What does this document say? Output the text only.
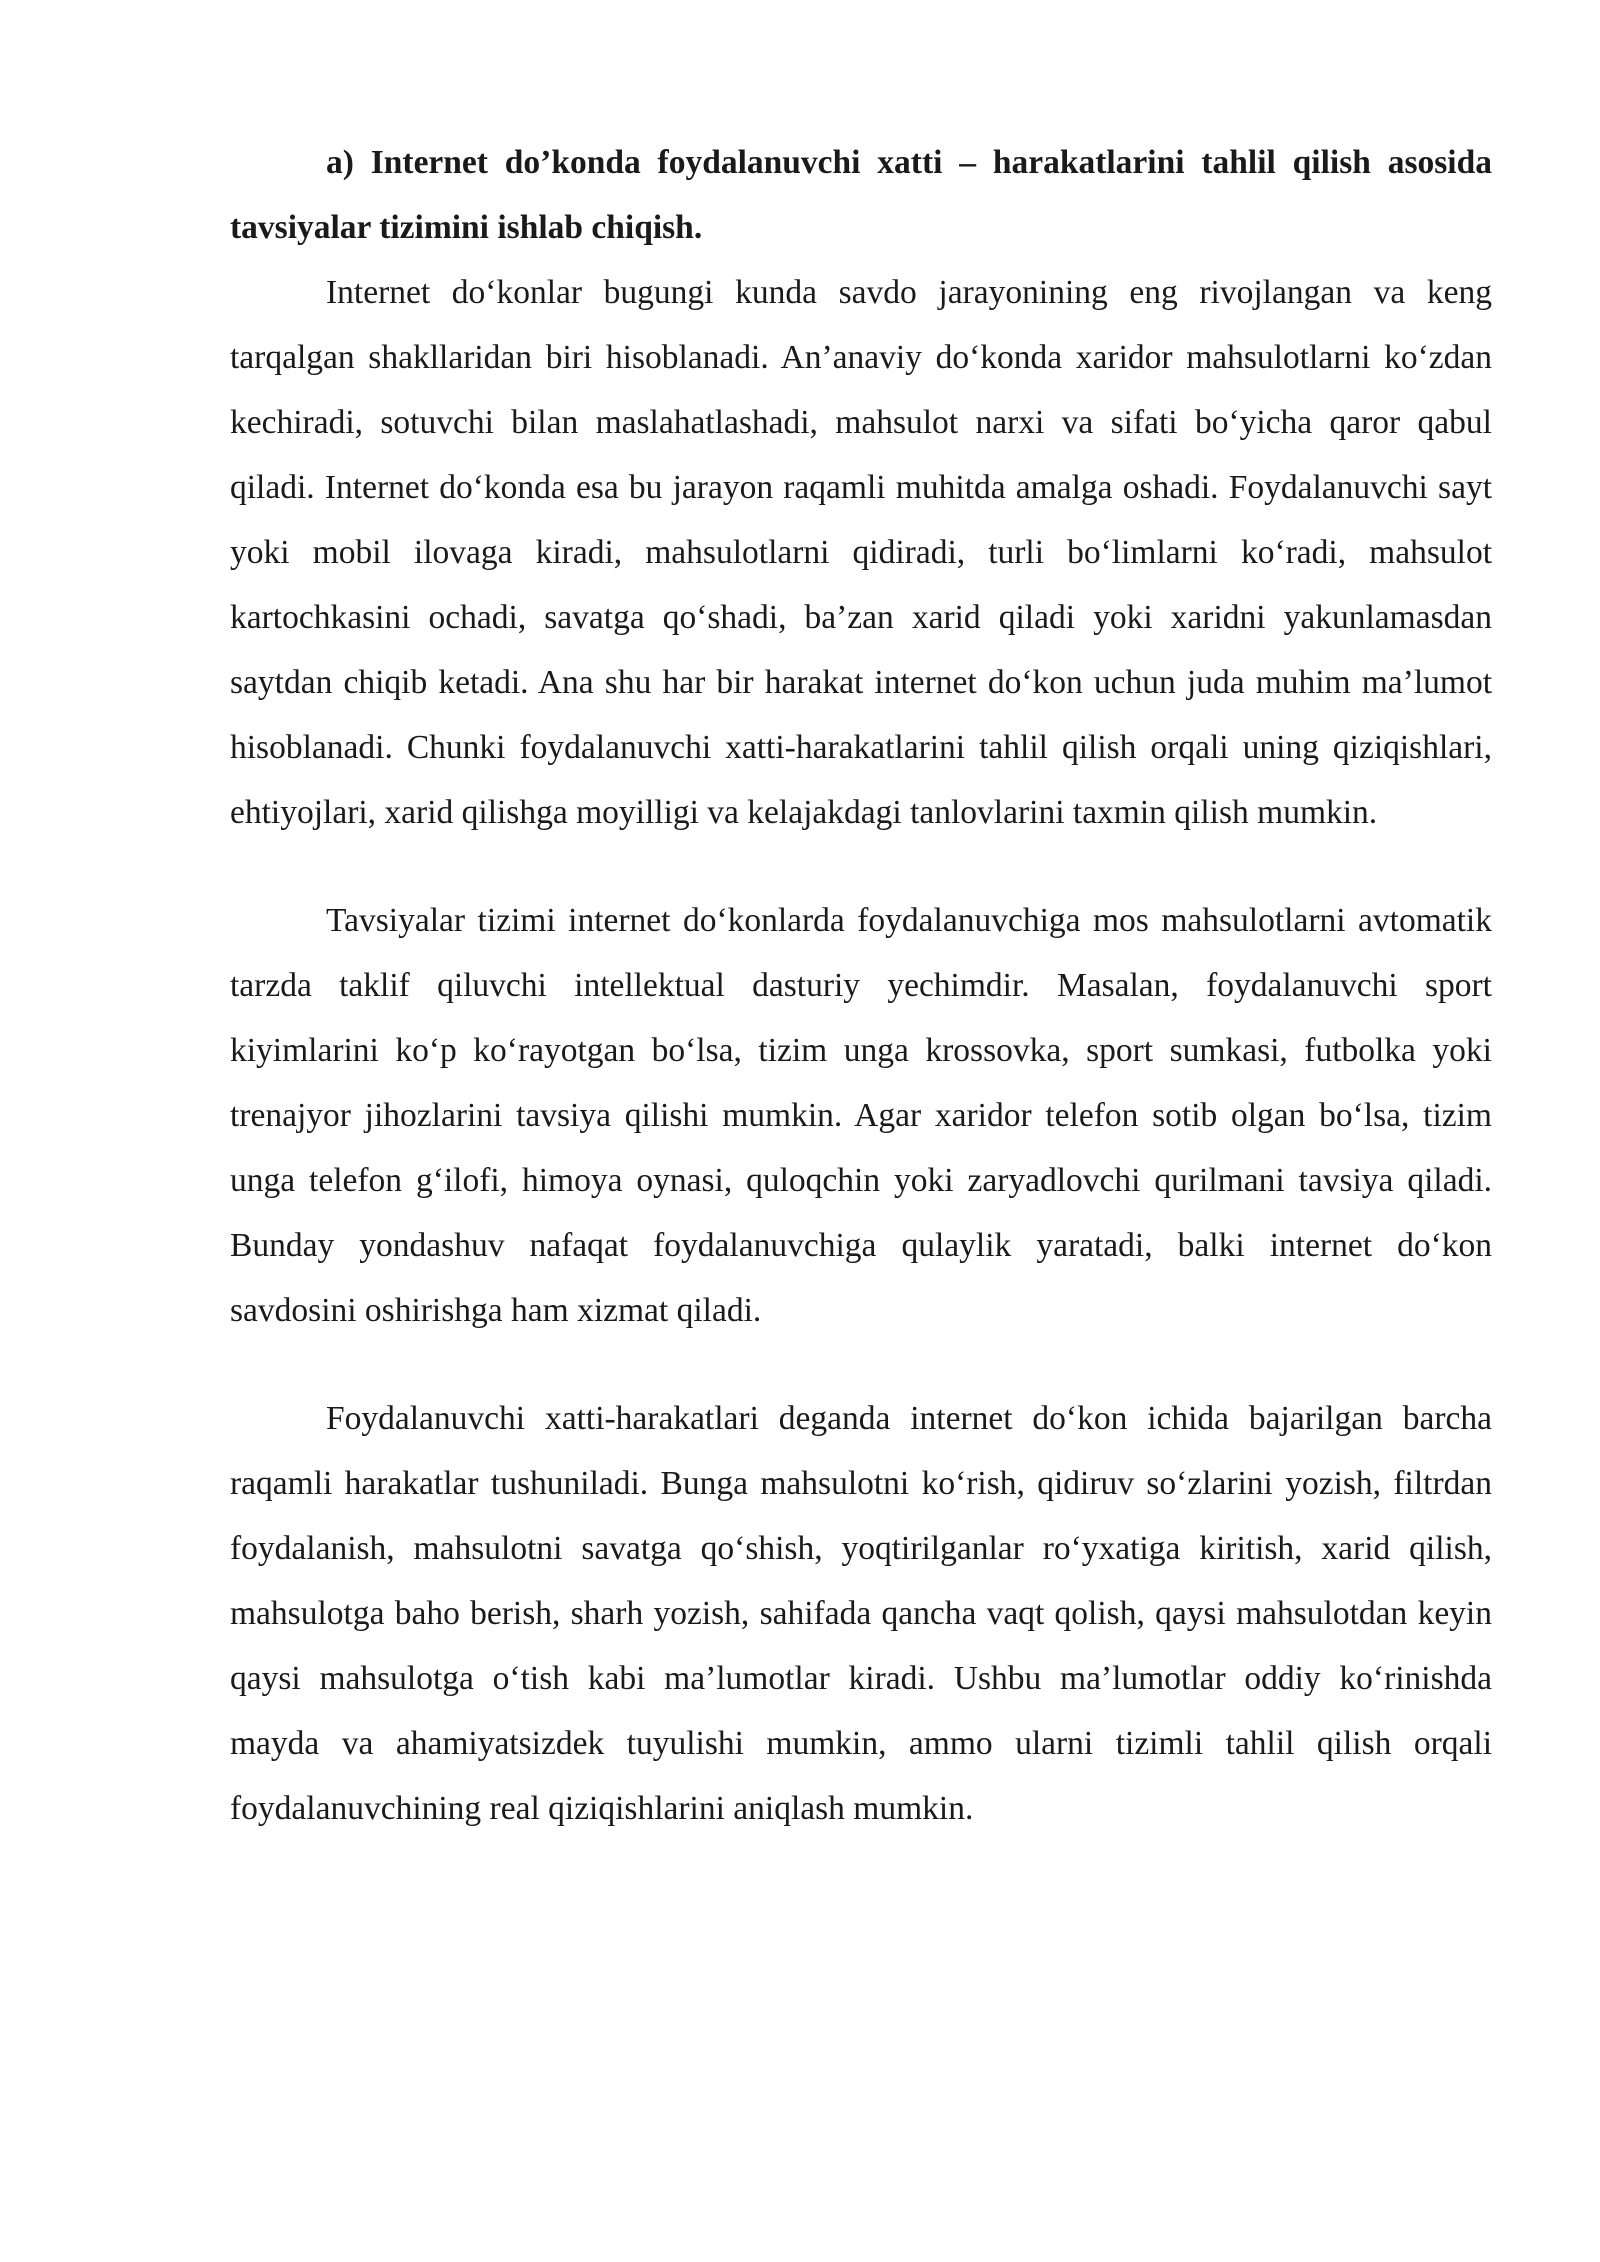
a) Internet do’konda foydalanuvchi xatti – harakatlarini tahlil qilish asosida tavsiyalar tizimini ishlab chiqish.

Internet do‘konlar bugungi kunda savdo jarayonining eng rivojlangan va keng tarqalgan shakllaridan biri hisoblanadi. An’anaviy do‘konda xaridor mahsulotlarni ko‘zdan kechiradi, sotuvchi bilan maslahatlashadi, mahsulot narxi va sifati bo‘yicha qaror qabul qiladi. Internet do‘konda esa bu jarayon raqamli muhitda amalga oshadi. Foydalanuvchi sayt yoki mobil ilovaga kiradi, mahsulotlarni qidiradi, turli bo‘limlarni ko‘radi, mahsulot kartochkasini ochadi, savatga qo‘shadi, ba’zan xarid qiladi yoki xaridni yakunlamasdan saytdan chiqib ketadi. Ana shu har bir harakat internet do‘kon uchun juda muhim ma’lumot hisoblanadi. Chunki foydalanuvchi xatti-harakatlarini tahlil qilish orqali uning qiziqishlari, ehtiyojlari, xarid qilishga moyilligi va kelajakdagi tanlovlarini taxmin qilish mumkin.

Tavsiyalar tizimi internet do‘konlarda foydalanuvchiga mos mahsulotlarni avtomatik tarzda taklif qiluvchi intellektual dasturiy yechimdir. Masalan, foydalanuvchi sport kiyimlarini ko‘p ko‘rayotgan bo‘lsa, tizim unga krossovka, sport sumkasi, futbolka yoki trenajyor jihozlarini tavsiya qilishi mumkin. Agar xaridor telefon sotib olgan bo‘lsa, tizim unga telefon g‘ilofi, himoya oynasi, quloqchin yoki zaryadlovchi qurilmani tavsiya qiladi. Bunday yondashuv nafaqat foydalanuvchiga qulaylik yaratadi, balki internet do‘kon savdosini oshirishga ham xizmat qiladi.

Foydalanuvchi xatti-harakatlari deganda internet do‘kon ichida bajarilgan barcha raqamli harakatlar tushuniladi. Bunga mahsulotni ko‘rish, qidiruv so‘zlarini yozish, filtrdan foydalanish, mahsulotni savatga qo‘shish, yoqtirilganlar ro‘yxatiga kiritish, xarid qilish, mahsulotga baho berish, sharh yozish, sahifada qancha vaqt qolish, qaysi mahsulotdan keyin qaysi mahsulotga o‘tish kabi ma’lumotlar kiradi. Ushbu ma’lumotlar oddiy ko‘rinishda mayda va ahamiyatsizdek tuyulishi mumkin, ammo ularni tizimli tahlil qilish orqali foydalanuvchining real qiziqishlarini aniqlash mumkin.
